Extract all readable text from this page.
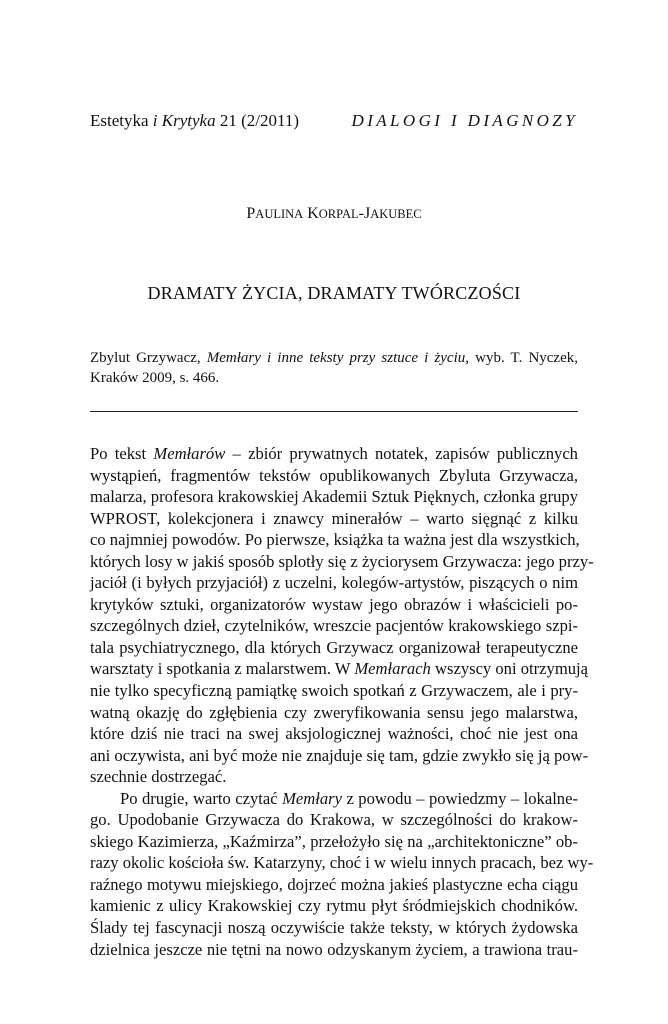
Estetyka i Krytyka 21 (2/2011)	DIALOGI I DIAGNOZY
PAULINA KORPAL-JAKUBEC
DRAMATY ŻYCIA, DRAMATY TWÓRCZOŚCI
Zbylut Grzywacz, Memłary i inne teksty przy sztuce i życiu, wyb. T. Nyczek,
Kraków 2009, s. 466.
Po tekst Memłarów – zbiór prywatnych notatek, zapisów publicznych
wystąpień, fragmentów tekstów opublikowanych Zbyluta Grzywacza,
malarza, profesora krakowskiej Akademii Sztuk Pięknych, członka grupy
WPROST, kolekcjonera i znawcy minerałów – warto sięgnąć z kilku
co najmniej powodów. Po pierwsze, książka ta ważna jest dla wszystkich,
których losy w jakiś sposób splotły się z życiorysem Grzywacza: jego przy-
jaciół (i byłych przyjaciół) z uczelni, kolegów-artystów, piszących o nim
krytyków sztuki, organizatorów wystaw jego obrazów i właścicieli po-
szczególnych dzieł, czytelników, wreszcie pacjentów krakowskiego szpi-
tala psychiatrycznego, dla których Grzywacz organizował terapeutyczne
warsztaty i spotkania z malarstwem. W Memłarach wszyscy oni otrzymują
nie tylko specyficzną pamiątkę swoich spotkań z Grzywaczem, ale i pry-
watną okazję do zgłębienia czy zweryfikowania sensu jego malarstwa,
które dziś nie traci na swej aksjologicznej ważności, choć nie jest ona
ani oczywista, ani być może nie znajduje się tam, gdzie zwykło się ją pow-
szechnie dostrzegać.
Po drugie, warto czytać Memłary z powodu – powiedzmy – lokalne-
go. Upodobanie Grzywacza do Krakowa, w szczególności do krakow-
skiego Kazimierza, „Kaźmirza”, przełożyło się na „architektoniczne” ob-
razy okolic kościoła św. Katarzyny, choć i w wielu innych pracach, bez wy-
raźnego motywu miejskiego, dojrzeć można jakieś plastyczne echa ciągu
kamienic z ulicy Krakowskiej czy rytmu płyt śródmiejskich chodników.
Ślady tej fascynacji noszą oczywiście także teksty, w których żydowska
dzielnica jeszcze nie tętni na nowo odzyskanym życiem, a trawiona trau-
